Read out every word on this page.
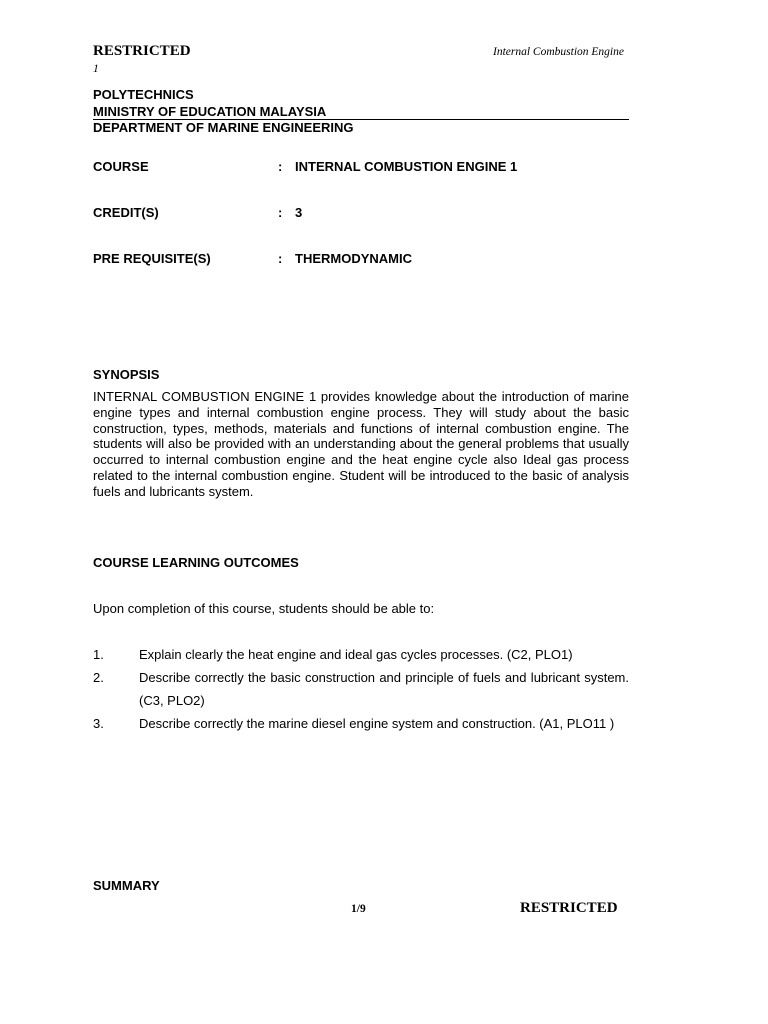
RESTRICTED	Internal Combustion Engine
1
POLYTECHNICS
MINISTRY OF EDUCATION MALAYSIA
DEPARTMENT OF MARINE ENGINEERING
COURSE	: INTERNAL COMBUSTION ENGINE 1
CREDIT(S)	: 3
PRE REQUISITE(S)	: THERMODYNAMIC
SYNOPSIS
INTERNAL COMBUSTION ENGINE 1 provides knowledge about the introduction of marine engine types and internal combustion engine process. They will study about the basic construction, types, methods, materials and functions of internal combustion engine. The students will also be provided with an understanding about the general problems that usually occurred to internal combustion engine and the heat engine cycle also Ideal gas process related to the internal combustion engine. Student will be introduced to the basic of analysis fuels and lubricants system.
COURSE LEARNING OUTCOMES
Upon completion of this course, students should be able to:
1.	Explain clearly the heat engine and ideal gas cycles processes. (C2, PLO1)
2.	Describe correctly the basic construction and principle of fuels and lubricant system. (C3, PLO2)
3.	Describe correctly the marine diesel engine system and construction. (A1, PLO11 )
SUMMARY
1/9	RESTRICTED
